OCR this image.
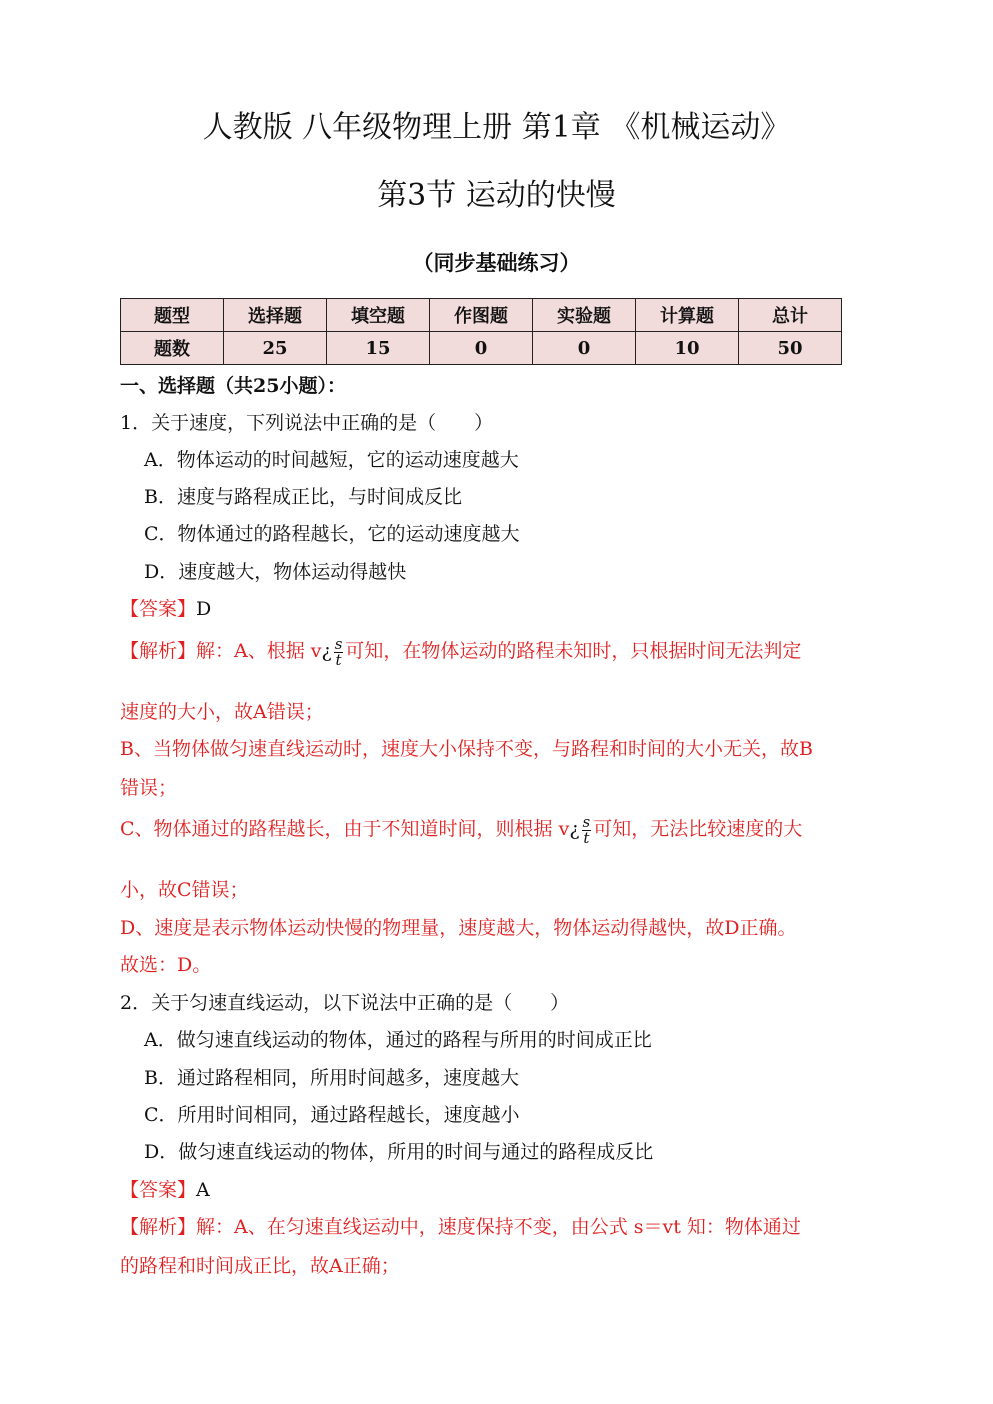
人教版 八年级物理上册 第1章 《机械运动》
第3节 运动的快慢
（同步基础练习）
题型	选择题	填空题	作图题	实验题	计算题	总计
题数	25	15	0	0	10	50
一、选择题（共25小题）：
1．关于速度，下列说法中正确的是（　　）
A．物体运动的时间越短，它的运动速度越大
B．速度与路程成正比，与时间成反比
C．物体通过的路程越长，它的运动速度越大
D．速度越大，物体运动得越快
【答案】D
【解析】解：A、根据 v¿ $\frac{s}{t}$ 可知，在物体运动的路程未知时，只根据时间无法判定
速度的大小，故A错误；
B、当物体做匀速直线运动时，速度大小保持不变，与路程和时间的大小无关，故B
错误；
C、物体通过的路程越长，由于不知道时间，则根据 v¿ $\frac{s}{t}$ 可知，无法比较速度的大
小，故C错误；
D、速度是表示物体运动快慢的物理量，速度越大，物体运动得越快，故D正确。
故选：D。
2．关于匀速直线运动，以下说法中正确的是（　　）
A．做匀速直线运动的物体，通过的路程与所用的时间成正比
B．通过路程相同，所用时间越多，速度越大
C．所用时间相同，通过路程越长，速度越小
D．做匀速直线运动的物体，所用的时间与通过的路程成反比
【答案】A
【解析】解：A、在匀速直线运动中，速度保持不变，由公式 s＝vt 知：物体通过
的路程和时间成正比，故A正确；
